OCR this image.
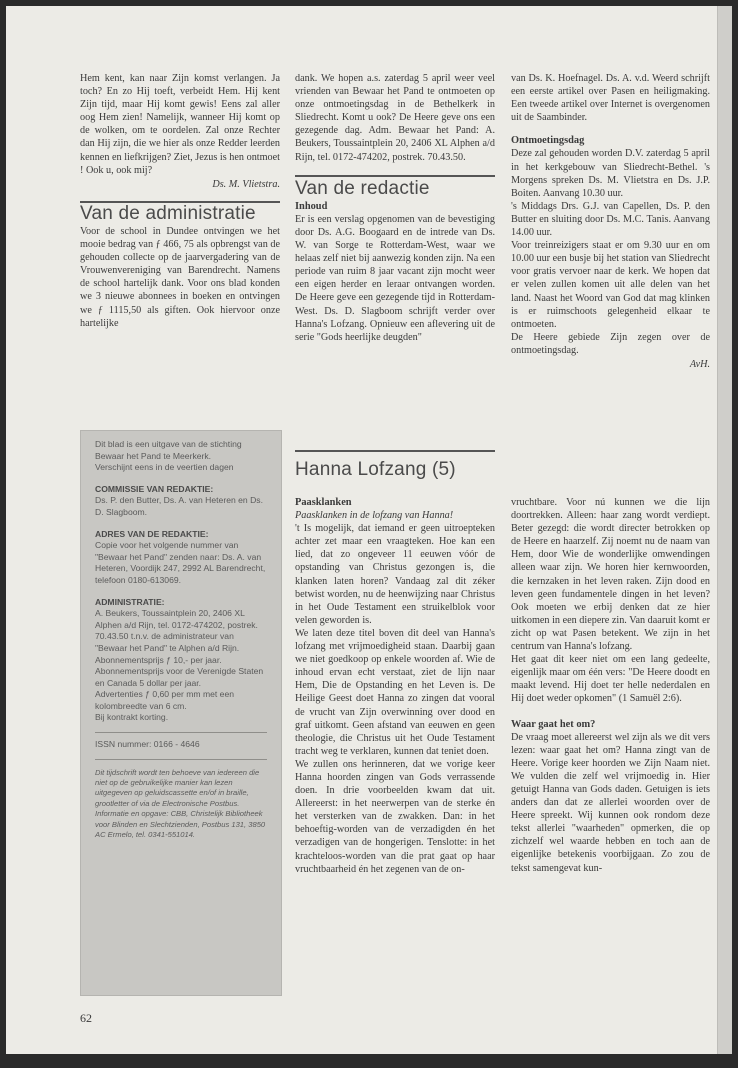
Hem kent, kan naar Zijn komst verlangen. Ja toch? En zo Hij toeft, verbeidt Hem. Hij kent Zijn tijd, maar Hij komt gewis! Eens zal aller oog Hem zien! Namelijk, wanneer Hij komt op de wolken, om te oordelen. Zal onze Rechter dan Hij zijn, die we hier als onze Redder leerden kennen en liefkrijgen? Ziet, Jezus is hen ontmoet ! Ook u, ook mij?

Ds. M. Vlietstra.

Van de administratie

Voor de school in Dundee ontvingen we het mooie bedrag van ƒ 466, 75 als opbrengst van de gehouden collecte op de jaarvergadering van de Vrouwenvereniging van Barendrecht. Namens de school hartelijk dank. Voor ons blad konden we 3 nieuwe abonnees in boeken en ontvingen we ƒ 1115,50 als giften. Ook hiervoor onze hartelijke

Dit blad is een uitgave van de stichting Bewaar het Pand te Meerkerk.
Verschijnt eens in de veertien dagen
COMMISSIE VAN REDAKTIE:
Ds. P. den Butter, Ds. A. van Heteren en Ds. D. Slagboom.
ADRES VAN DE REDAKTIE:
Copie voor het volgende nummer van "Bewaar het Pand" zenden naar: Ds. A. van Heteren, Voordijk 247, 2992 AL Barendrecht, telefoon 0180-613069.
ADMINISTRATIE:
A. Beukers, Toussaintplein 20, 2406 XL Alphen a/d Rijn, tel. 0172-474202, postrek. 70.43.50 t.n.v. de administrateur van "Bewaar het Pand" te Alphen a/d Rijn.
Abonnementsprijs ƒ 10,- per jaar.
Abonnementsprijs voor de Verenigde Staten en Canada 5 dollar per jaar.
Advertenties ƒ 0,60 per mm met een kolombreedte van 6 cm.
Bij kontrakt korting.
ISSN nummer: 0166 - 4646
Dit tijdschrift wordt ten behoeve van iedereen die niet op de gebruikelijke manier kan lezen uitgegeven op geluidscassette en/of in braille, grootletter of via de Electronische Postbus. Informatie en opgave: CBB, Christelijk Bibliotheek voor Blinden en Slechtzienden, Postbus 131, 3850 AC Ermelo, tel. 0341-551014.

dank. We hopen a.s. zaterdag 5 april weer veel vrienden van Bewaar het Pand te ontmoeten op onze ontmoetingsdag in de Bethelkerk in Sliedrecht. Komt u ook? De Heere geve ons een gezegende dag. Adm. Bewaar het Pand: A. Beukers, Toussaintplein 20, 2406 XL Alphen a/d Rijn, tel. 0172-474202, postrek. 70.43.50.

Van de redactie

Inhoud

Er is een verslag opgenomen van de bevestiging door Ds. A.G. Boogaard en de intrede van Ds. W. van Sorge te Rotterdam-West, waar we helaas zelf niet bij aanwezig konden zijn. Na een periode van ruim 8 jaar vacant zijn mocht weer een eigen herder en leraar ontvangen worden. De Heere geve een gezegende tijd in Rotterdam-West. Ds. D. Slagboom schrijft verder over Hanna's Lofzang. Opnieuw een aflevering uit de serie "Gods heerlijke deugden"

van Ds. K. Hoefnagel. Ds. A. v.d. Weerd schrijft een eerste artikel over Pasen en heiligmaking. Een tweede artikel over Internet is overgenomen uit de Saambinder.

Ontmoetingsdag

Deze zal gehouden worden D.V. zaterdag 5 april in het kerkgebouw van Sliedrecht-Bethel. 's Morgens spreken Ds. M. Vlietstra en Ds. J.P. Boiten. Aanvang 10.30 uur.

's Middags Drs. G.J. van Capellen, Ds. P. den Butter en sluiting door Ds. M.C. Tanis. Aanvang 14.00 uur.

Voor treinreizigers staat er om 9.30 uur en om 10.00 uur een busje bij het station van Sliedrecht voor gratis vervoer naar de kerk. We hopen dat er velen zullen komen uit alle delen van het land. Naast het Woord van God dat mag klinken is er ruimschoots gelegenheid elkaar te ontmoeten.

De Heere gebiede Zijn zegen over de ontmoetingsdag.

AvH.

Hanna Lofzang (5)

Paasklanken

Paasklanken in de lofzang van Hanna!
't Is mogelijk, dat iemand er geen uitroepteken achter zet maar een vraagteken. Hoe kan een lied, dat zo ongeveer 11 eeuwen vóór de opstanding van Christus gezongen is, die klanken laten horen? Vandaag zal dit zéker betwist worden, nu de heenwijzing naar Christus in het Oude Testament een struikelblok voor velen geworden is.

We laten deze titel boven dit deel van Hanna's lofzang met vrijmoedigheid staan. Daarbij gaan we niet goedkoop op enkele woorden af. Wie de inhoud ervan echt verstaat, ziet de lijn naar Hem, Die de Opstanding en het Leven is. De Heilige Geest doet Hanna zo zingen dat vooral de vrucht van Zijn overwinning over dood en graf uitkomt. Geen afstand van eeuwen en geen theologie, die Christus uit het Oude Testament tracht weg te verklaren, kunnen dat teniet doen.

We zullen ons herinneren, dat we vorige keer Hanna hoorden zingen van Gods verrassende doen. In drie voorbeelden kwam dat uit. Allereerst: in het neerwerpen van de sterke én het versterken van de zwakken. Dan: in het behoeftig-worden van de verzadigden én het verzadigen van de hongerigen. Tenslotte: in het krachteloos-worden van die prat gaat op haar vruchtbaarheid én het zegenen van de on-

vruchtbare. Voor nú kunnen we die lijn doortrekken. Alleen: haar zang wordt verdiept. Beter gezegd: die wordt directer betrokken op de Heere en haarzelf. Zij noemt nu de naam van Hem, door Wie de wonderlijke omwendingen alleen waar zijn. We horen hier kernwoorden, die kernzaken in het leven raken. Zijn dood en leven geen fundamentele dingen in het leven? Ook moeten we erbij denken dat ze hier uitkomen in een diepere zin. Van daaruit komt er zicht op wat Pasen betekent. We zijn in het centrum van Hanna's lofzang.

Het gaat dit keer niet om een lang gedeelte, eigenlijk maar om één vers: "De Heere doodt en maakt levend. Hij doet ter helle nederdalen en Hij doet weder opkomen" (1 Samuël 2:6).

Waar gaat het om?

De vraag moet allereerst wel zijn als we dit vers lezen: waar gaat het om? Hanna zingt van de Heere. Vorige keer hoorden we Zijn Naam niet. We vulden die zelf wel vrijmoedig in. Hier getuigt Hanna van Gods daden. Getuigen is iets anders dan dat ze allerlei woorden over de Heere spreekt. Wij kunnen ook rondom deze tekst allerlei "waarheden" opmerken, die op zichzelf wel waarde hebben en toch aan de eigenlijke betekenis voorbijgaan. Zo zou de tekst samengevat kun-

62
